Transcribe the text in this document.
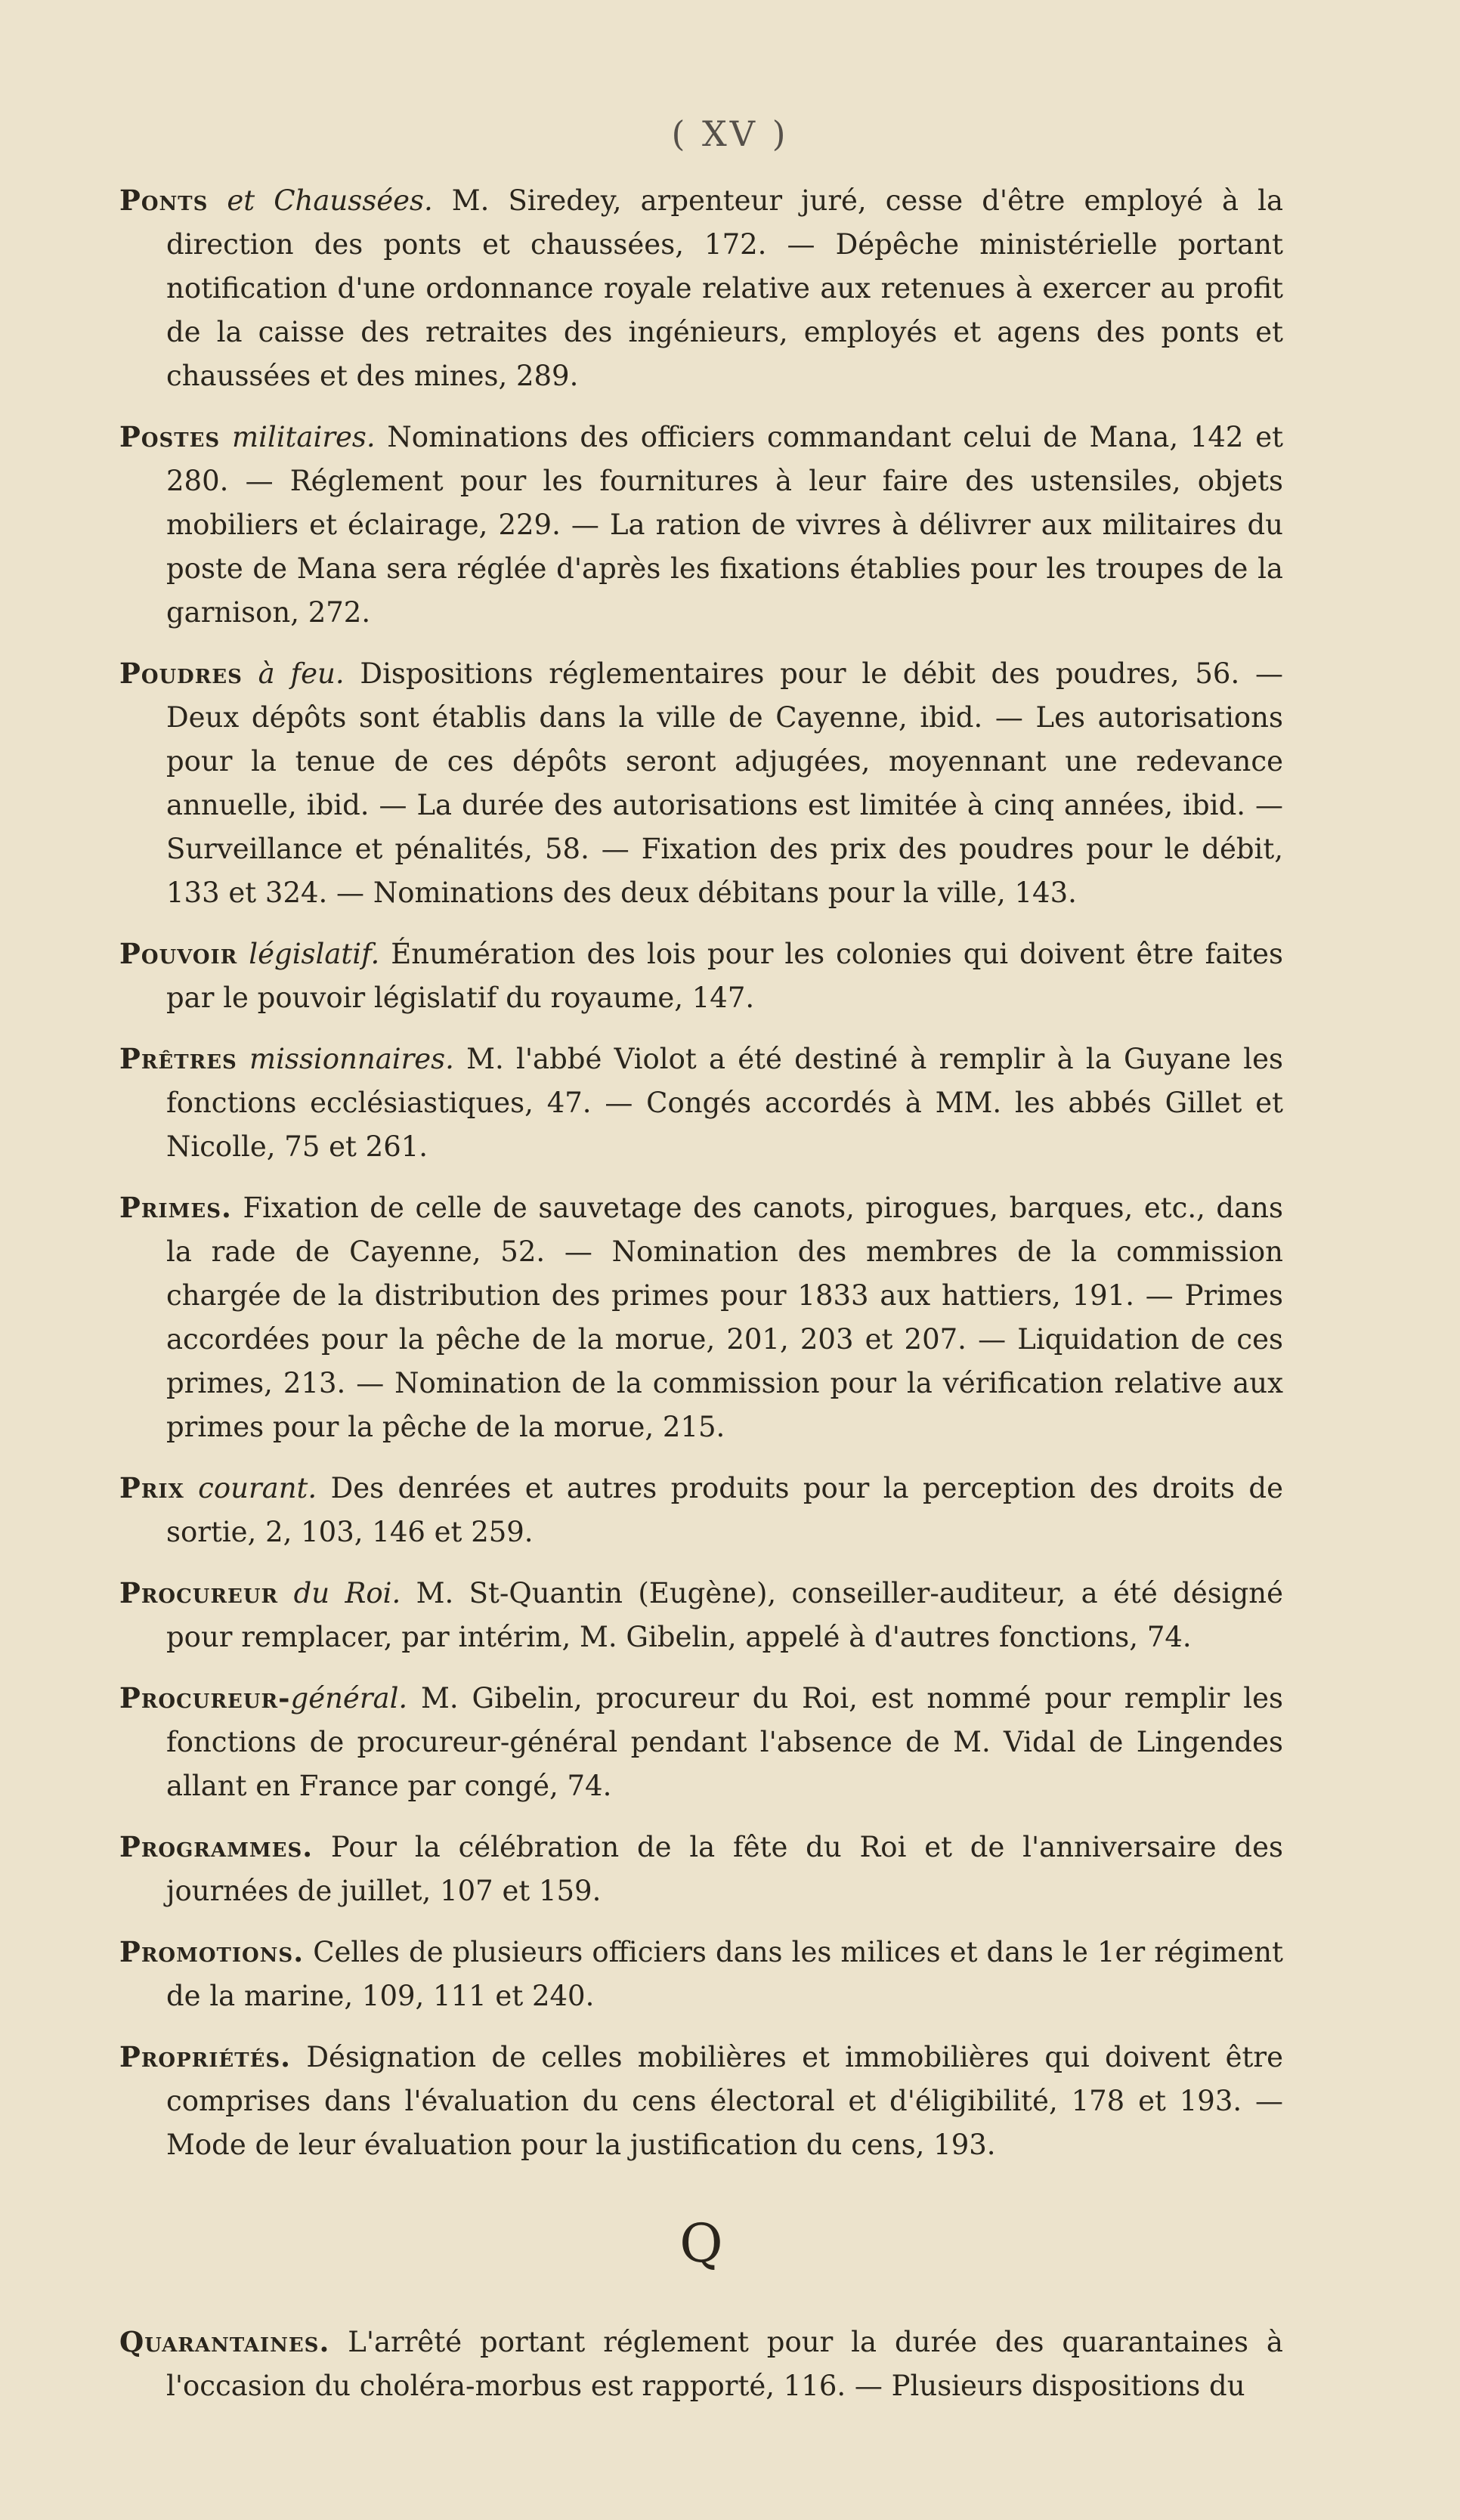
( XV )

Ponts et Chaussées. M. Siredey, arpenteur juré, cesse d'être employé à la direction des ponts et chaussées, 172. — Dépêche ministérielle portant notification d'une ordonnance royale relative aux retenues à exercer au profit de la caisse des retraites des ingénieurs, employés et agens des ponts et chaussées et des mines, 289.

Postes militaires. Nominations des officiers commandant celui de Mana, 142 et 280. — Réglement pour les fournitures à leur faire des ustensiles, objets mobiliers et éclairage, 229. — La ration de vivres à délivrer aux militaires du poste de Mana sera réglée d'après les fixations établies pour les troupes de la garnison, 272.

Poudres à feu. Dispositions réglementaires pour le débit des poudres, 56. — Deux dépôts sont établis dans la ville de Cayenne, ibid. — Les autorisations pour la tenue de ces dépôts seront adjugées, moyennant une redevance annuelle, ibid. — La durée des autorisations est limitée à cinq années, ibid. — Surveillance et pénalités, 58. — Fixation des prix des poudres pour le débit, 133 et 324. — Nominations des deux débitans pour la ville, 143.

Pouvoir législatif. Énumération des lois pour les colonies qui doivent être faites par le pouvoir législatif du royaume, 147.

Prêtres missionnaires. M. l'abbé Violot a été destiné à remplir à la Guyane les fonctions ecclésiastiques, 47. — Congés accordés à MM. les abbés Gillet et Nicolle, 75 et 261.

Primes. Fixation de celle de sauvetage des canots, pirogues, barques, etc., dans la rade de Cayenne, 52. — Nomination des membres de la commission chargée de la distribution des primes pour 1833 aux hattiers, 191. — Primes accordées pour la pêche de la morue, 201, 203 et 207. — Liquidation de ces primes, 213. — Nomination de la commission pour la vérification relative aux primes pour la pêche de la morue, 215.

Prix courant. Des denrées et autres produits pour la perception des droits de sortie, 2, 103, 146 et 259.

Procureur du Roi. M. St-Quantin (Eugène), conseiller-auditeur, a été désigné pour remplacer, par intérim, M. Gibelin, appelé à d'autres fonctions, 74.

Procureur-général. M. Gibelin, procureur du Roi, est nommé pour remplir les fonctions de procureur-général pendant l'absence de M. Vidal de Lingendes allant en France par congé, 74.

Programmes. Pour la célébration de la fête du Roi et de l'anniversaire des journées de juillet, 107 et 159.

Promotions. Celles de plusieurs officiers dans les milices et dans le 1er régiment de la marine, 109, 111 et 240.

Propriétés. Désignation de celles mobilières et immobilières qui doivent être comprises dans l'évaluation du cens électoral et d'éligibilité, 178 et 193. — Mode de leur évaluation pour la justification du cens, 193.

Q

Quarantaines. L'arrêté portant réglement pour la durée des quarantaines à l'occasion du choléra-morbus est rapporté, 116. — Plusieurs dispositions du
